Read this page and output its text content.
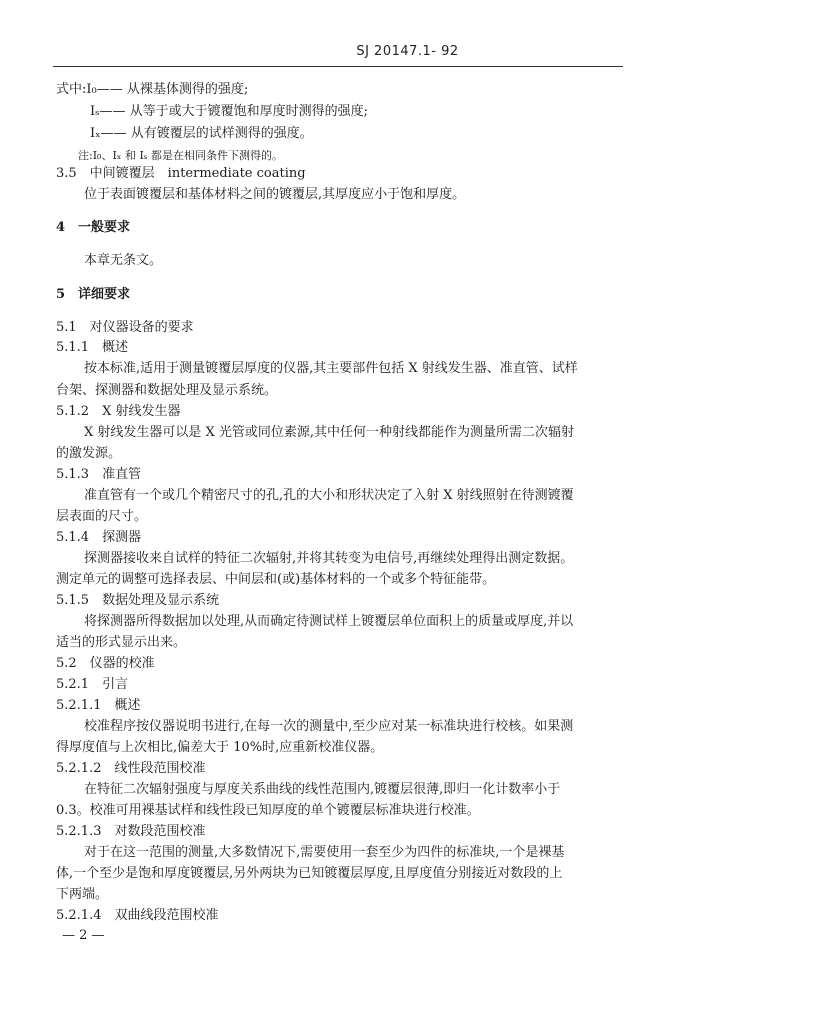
SJ 20147.1- 92
式中:I₀—— 从裸基体测得的强度;
Iₛ—— 从等于或大于镀覆饱和厚度时测得的强度;
Iₓ—— 从有镀覆层的试样测得的强度。
注:I₀、Iₓ 和 Iₛ 都是在相同条件下测得的。
3.5　中间镀覆层　intermediate coating
位于表面镀覆层和基体材料之间的镀覆层,其厚度应小于饱和厚度。
4　一般要求
本章无条文。
5　详细要求
5.1　对仪器设备的要求
5.1.1　概述
按本标准,适用于测量镀覆层厚度的仪器,其主要部件包括 X 射线发生器、准直管、试样
台架、探测器和数据处理及显示系统。
5.1.2　X 射线发生器
X 射线发生器可以是 X 光管或同位素源,其中任何一种射线都能作为测量所需二次辐射
的激发源。
5.1.3　准直管
准直管有一个或几个精密尺寸的孔,孔的大小和形状决定了入射 X 射线照射在待测镀覆
层表面的尺寸。
5.1.4　探测器
探测器接收来自试样的特征二次辐射,并将其转变为电信号,再继续处理得出测定数据。
测定单元的调整可选择表层、中间层和(或)基体材料的一个或多个特征能带。
5.1.5　数据处理及显示系统
将探测器所得数据加以处理,从而确定待测试样上镀覆层单位面积上的质量或厚度,并以
适当的形式显示出来。
5.2　仪器的校准
5.2.1　引言
5.2.1.1　概述
校准程序按仪器说明书进行,在每一次的测量中,至少应对某一标准块进行校核。如果测
得厚度值与上次相比,偏差大于 10%时,应重新校准仪器。
5.2.1.2　线性段范围校准
在特征二次辐射强度与厚度关系曲线的线性范围内,镀覆层很薄,即归一化计数率小于
0.3。校准可用裸基试样和线性段已知厚度的单个镀覆层标准块进行校准。
5.2.1.3　对数段范围校准
对于在这一范围的测量,大多数情况下,需要使用一套至少为四件的标准块,一个是裸基
体,一个至少是饱和厚度镀覆层,另外两块为已知镀覆层厚度,且厚度值分别接近对数段的上
下两端。
5.2.1.4　双曲线段范围校准
— 2 —
